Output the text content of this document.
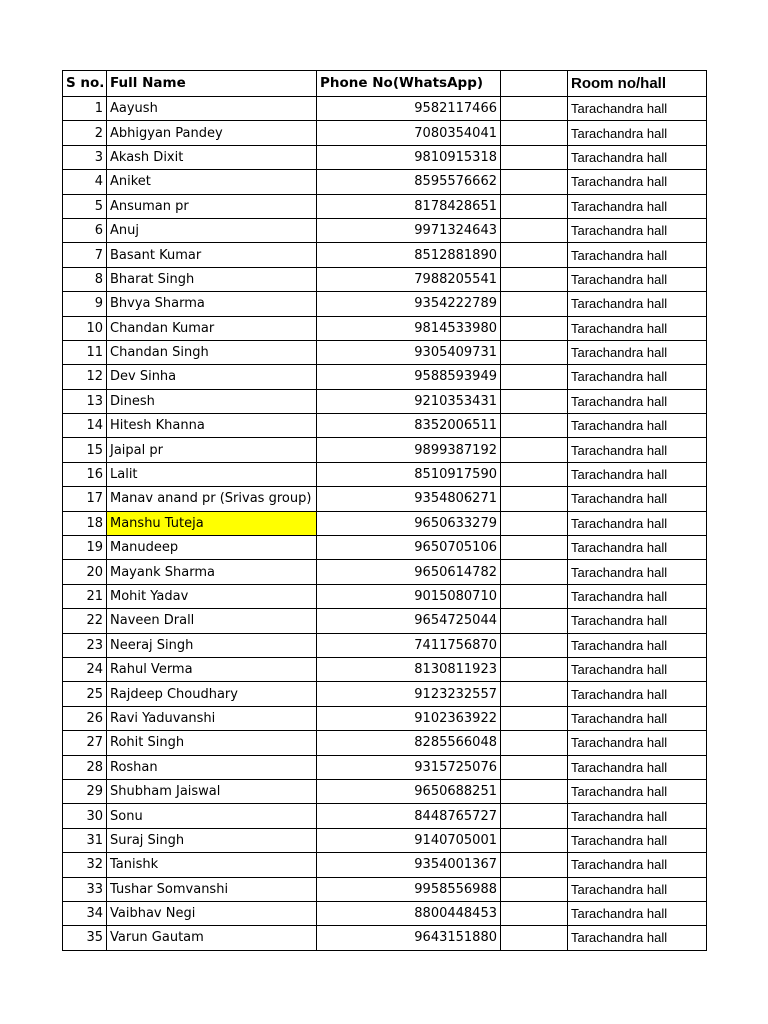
S no.	Full Name	Phone No(WhatsApp)		Room no/hall
1	Aayush	9582117466		Tarachandra hall
2	Abhigyan Pandey	7080354041		Tarachandra hall
3	Akash Dixit	9810915318		Tarachandra hall
4	Aniket	8595576662		Tarachandra hall
5	Ansuman pr	8178428651		Tarachandra hall
6	Anuj	9971324643		Tarachandra hall
7	Basant Kumar	8512881890		Tarachandra hall
8	Bharat Singh	7988205541		Tarachandra hall
9	Bhvya Sharma	9354222789		Tarachandra hall
10	Chandan Kumar	9814533980		Tarachandra hall
11	Chandan Singh	9305409731		Tarachandra hall
12	Dev Sinha	9588593949		Tarachandra hall
13	Dinesh	9210353431		Tarachandra hall
14	Hitesh Khanna	8352006511		Tarachandra hall
15	Jaipal pr	9899387192		Tarachandra hall
16	Lalit	8510917590		Tarachandra hall
17	Manav anand pr (Srivas group)	9354806271		Tarachandra hall
18	Manshu Tuteja	9650633279		Tarachandra hall
19	Manudeep	9650705106		Tarachandra hall
20	Mayank Sharma	9650614782		Tarachandra hall
21	Mohit Yadav	9015080710		Tarachandra hall
22	Naveen Drall	9654725044		Tarachandra hall
23	Neeraj Singh	7411756870		Tarachandra hall
24	Rahul Verma	8130811923		Tarachandra hall
25	Rajdeep Choudhary	9123232557		Tarachandra hall
26	Ravi Yaduvanshi	9102363922		Tarachandra hall
27	Rohit Singh	8285566048		Tarachandra hall
28	Roshan	9315725076		Tarachandra hall
29	Shubham Jaiswal	9650688251		Tarachandra hall
30	Sonu	8448765727		Tarachandra hall
31	Suraj Singh	9140705001		Tarachandra hall
32	Tanishk	9354001367		Tarachandra hall
33	Tushar Somvanshi	9958556988		Tarachandra hall
34	Vaibhav Negi	8800448453		Tarachandra hall
35	Varun Gautam	9643151880		Tarachandra hall
